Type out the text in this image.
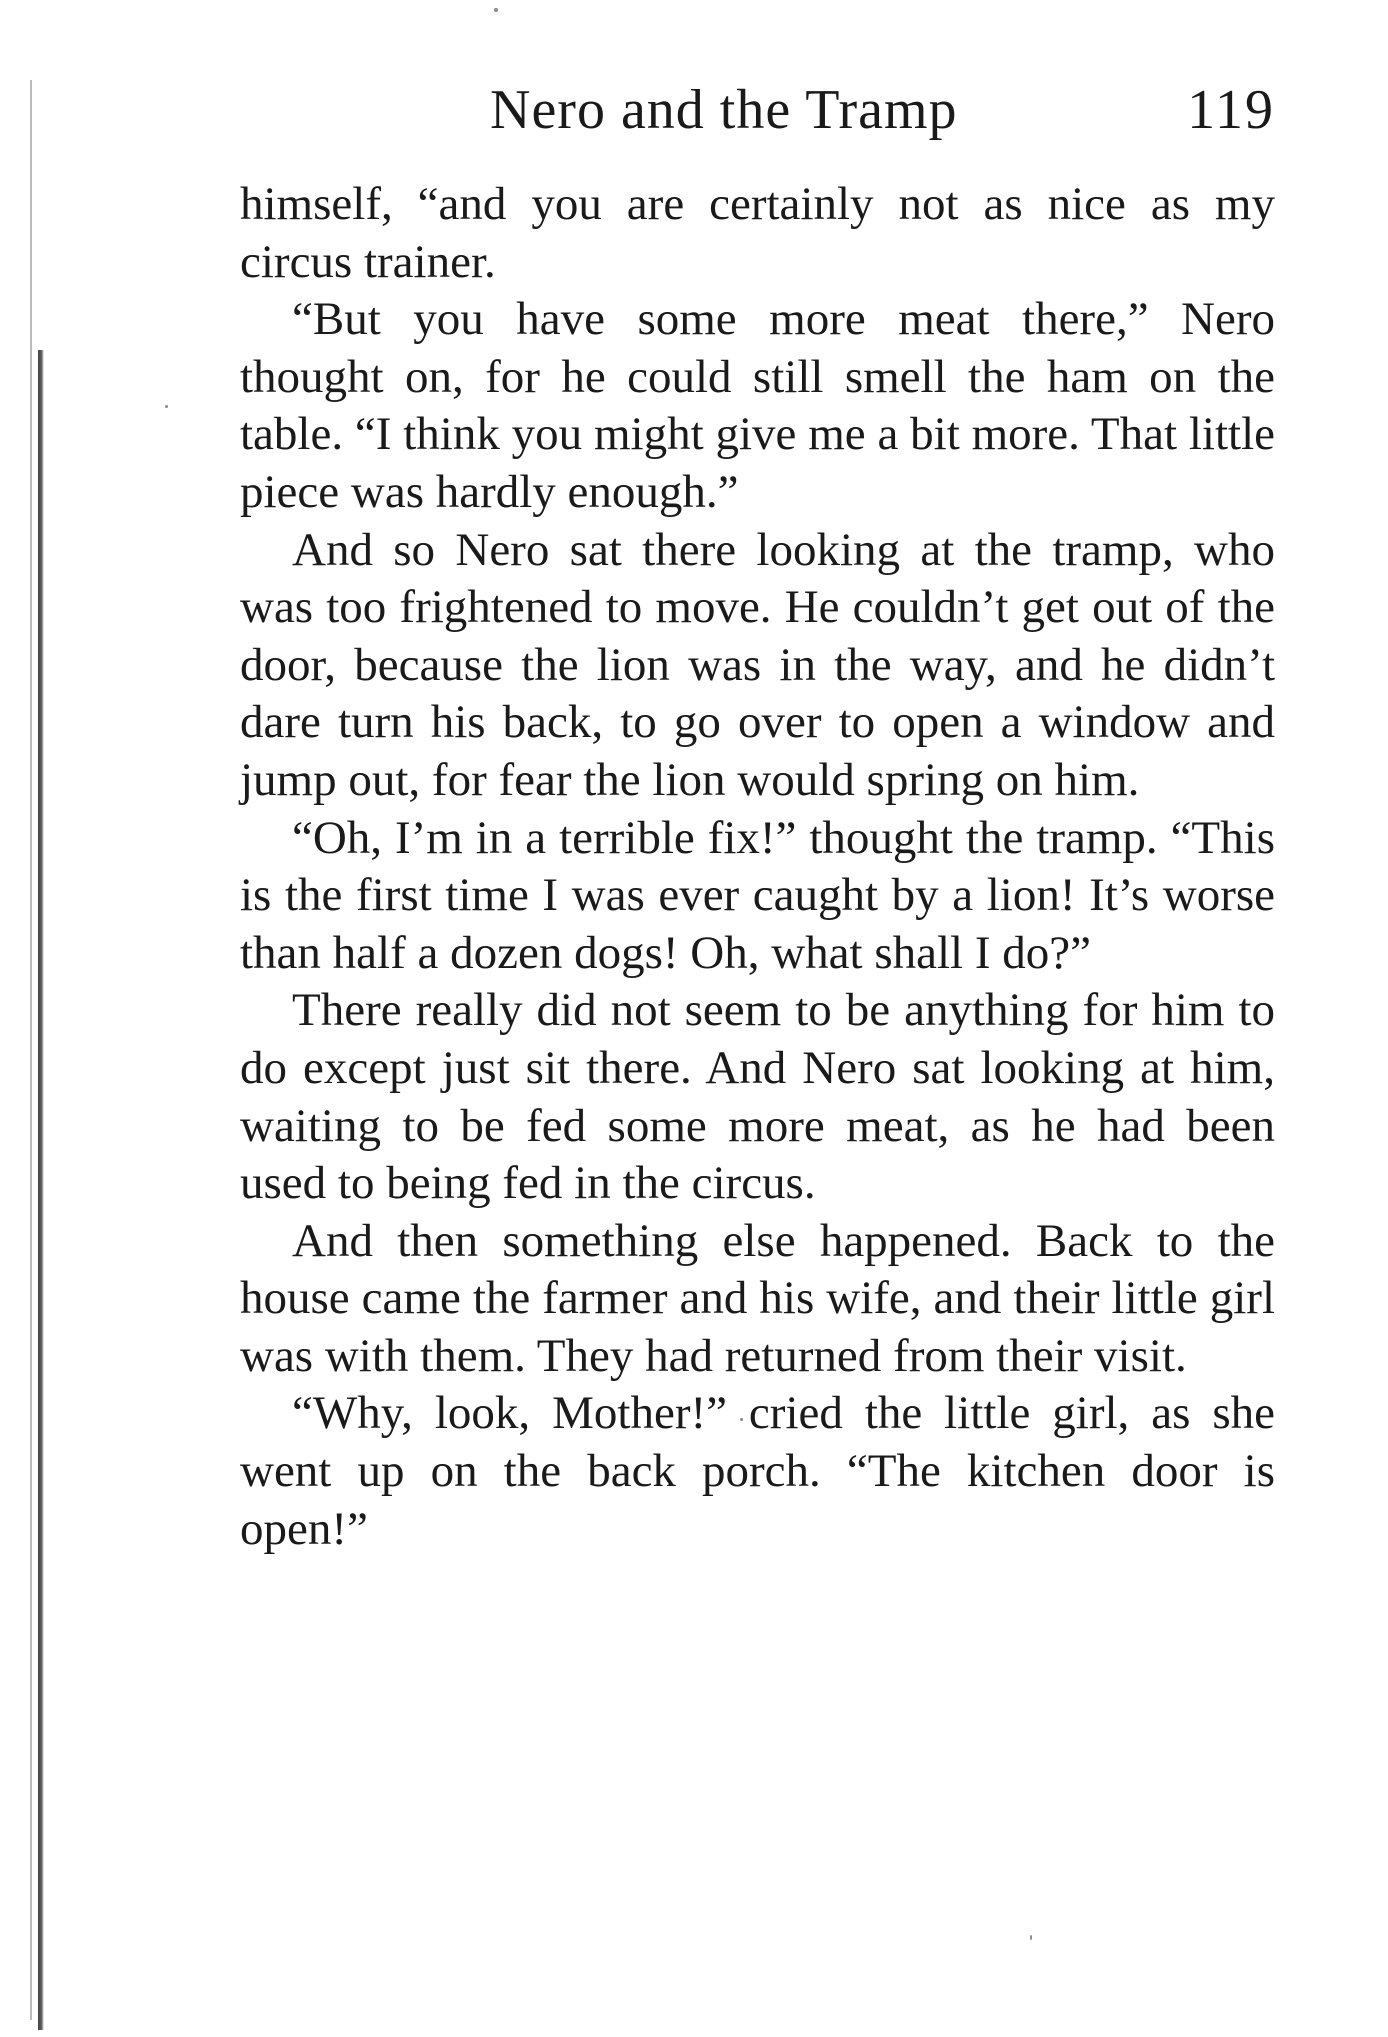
Nero and the Tramp	119

himself, “and you are certainly not as nice as my circus trainer.

“But you have some more meat there,” Nero thought on, for he could still smell the ham on the table. “I think you might give me a bit more. That little piece was hardly enough.”

And so Nero sat there looking at the tramp, who was too frightened to move. He couldn’t get out of the door, because the lion was in the way, and he didn’t dare turn his back, to go over to open a window and jump out, for fear the lion would spring on him.

“Oh, I’m in a terrible fix!” thought the tramp. “This is the first time I was ever caught by a lion! It’s worse than half a dozen dogs! Oh, what shall I do?”

There really did not seem to be anything for him to do except just sit there. And Nero sat looking at him, waiting to be fed some more meat, as he had been used to being fed in the circus.

And then something else happened. Back to the house came the farmer and his wife, and their little girl was with them. They had returned from their visit.

“Why, look, Mother!” cried the little girl, as she went up on the back porch. “The kitchen door is open!”
